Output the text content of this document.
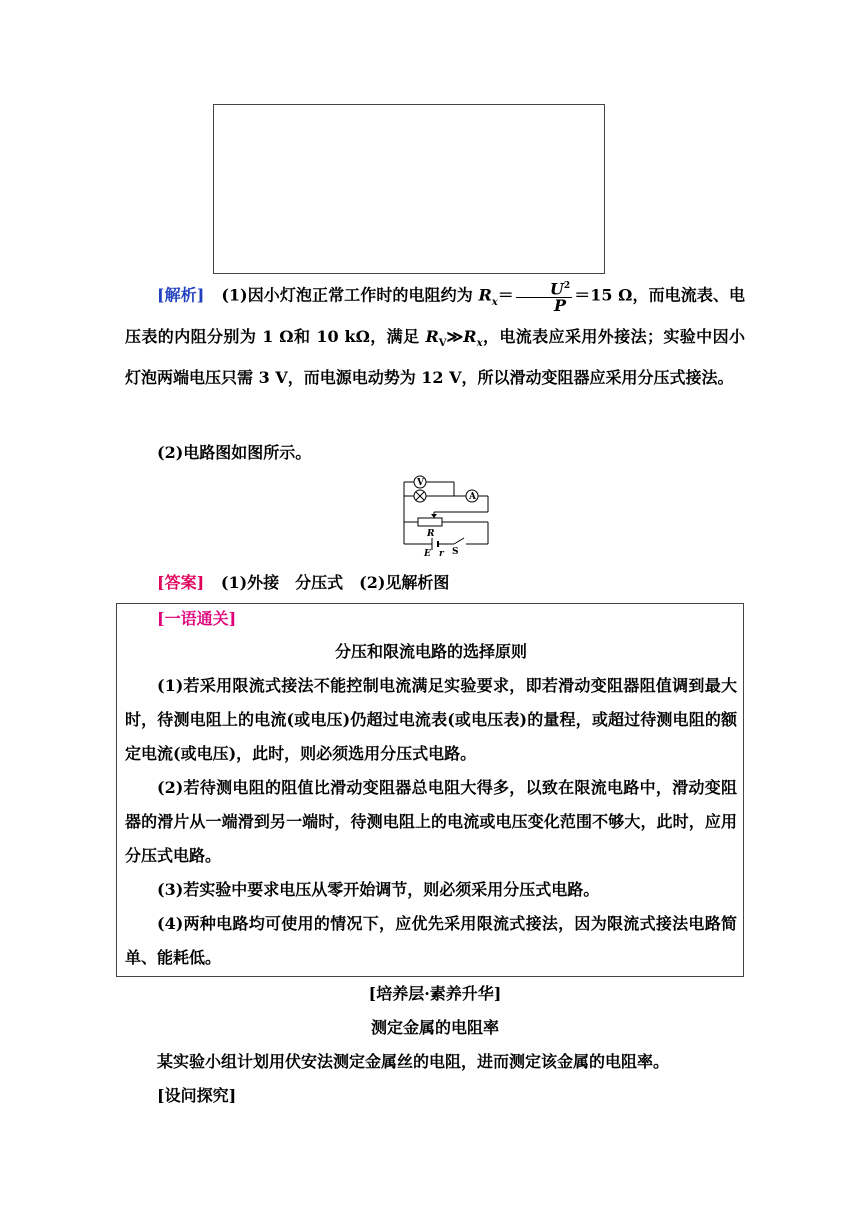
[解析] (1)因小灯泡正常工作时的电阻约为 $R_x= \frac{U^2}{P} =15$ Ω，而电流表、电压表的内阻分别为 1 Ω和 10 kΩ，满足 $R_V≫R_x$，电流表应采用外接法；实验中因小灯泡两端电压只需 3 V，而电源电动势为 12 V，所以滑动变阻器应采用分压式接法。
(2)电路图如图所示。
V
A
R
E r S
[答案] (1)外接　分压式　(2)见解析图
[一语通关]
分压和限流电路的选择原则
(1)若采用限流式接法不能控制电流满足实验要求，即若滑动变阻器阻值调到最大时，待测电阻上的电流(或电压)仍超过电流表(或电压表)的量程，或超过待测电阻的额定电流(或电压)，此时，则必须选用分压式电路。
(2)若待测电阻的阻值比滑动变阻器总电阻大得多，以致在限流电路中，滑动变阻器的滑片从一端滑到另一端时，待测电阻上的电流或电压变化范围不够大，此时，应用分压式电路。
(3)若实验中要求电压从零开始调节，则必须采用分压式电路。
(4)两种电路均可使用的情况下，应优先采用限流式接法，因为限流式接法电路简单、能耗低。
[培养层·素养升华]
测定金属的电阻率
某实验小组计划用伏安法测定金属丝的电阻，进而测定该金属的电阻率。
[设问探究]
